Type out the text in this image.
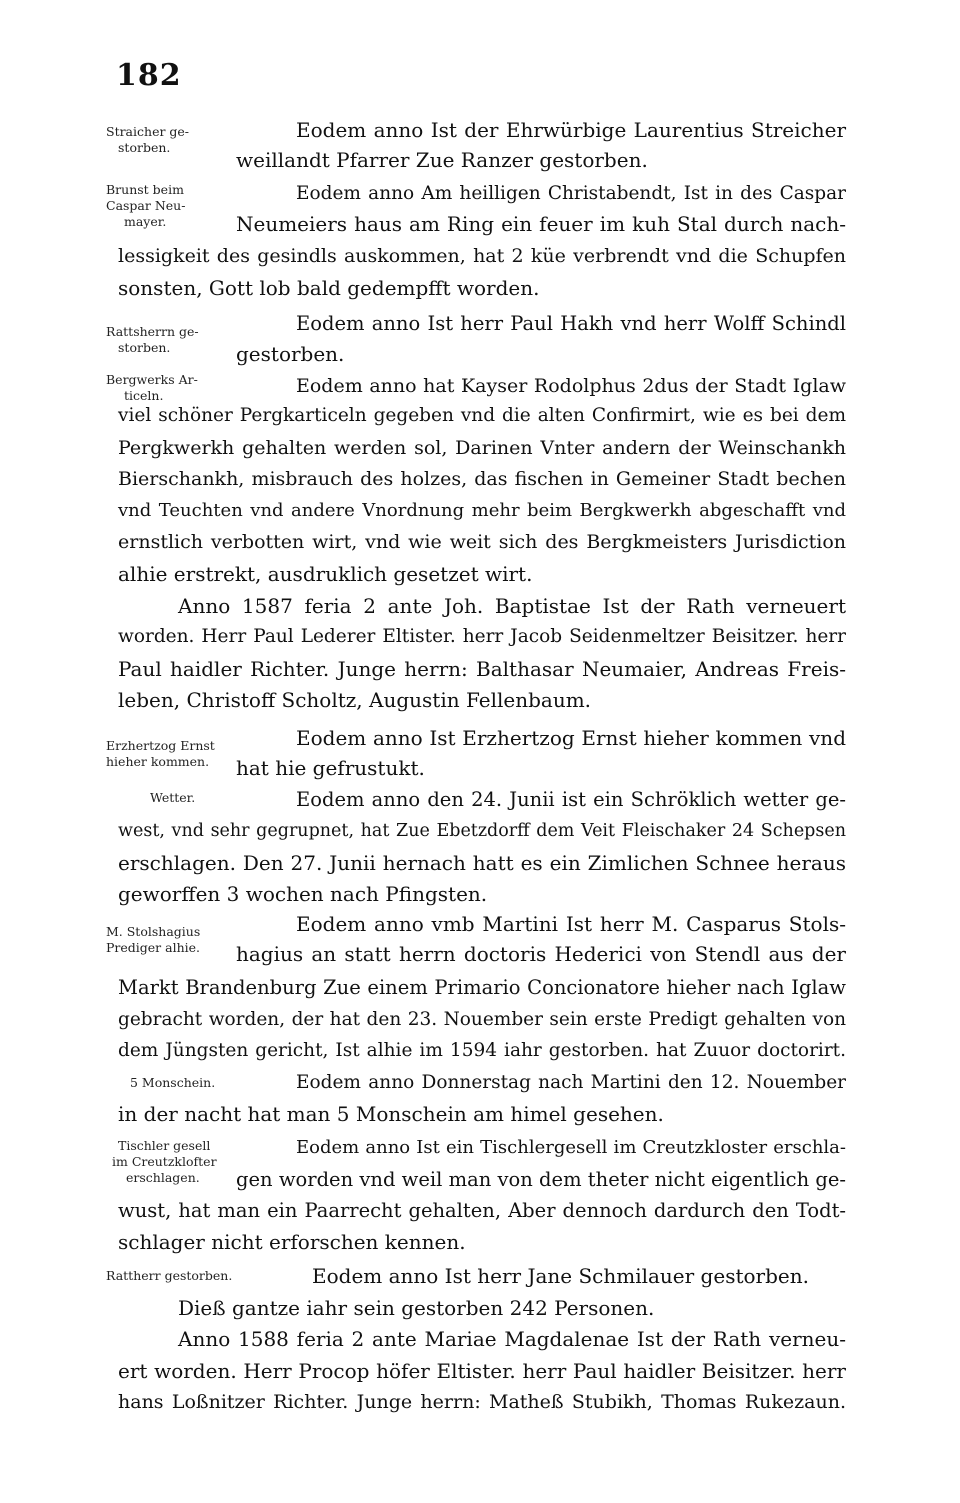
182
Straicher ge-
storben.
Brunst beim
Caspar Neu-
mayer.
Rattsherrn ge-
storben.
Bergwerks Ar-
ticeln.
Erzhertzog Ernst
hieher kommen.
Wetter.
M. Stolshagius
Prediger alhie.
5 Monschein.
Tischler gesell
im Creutzklofter
erschlagen.
Rattherr gestorben.
Eodem anno Ist der Ehrwürbige Laurentius Streicher
weillandt Pfarrer Zue Ranzer gestorben.
Eodem anno Am heilligen Christabendt, Ist in des Caspar
Neumeiers haus am Ring ein feuer im kuh Stal durch nach-
lessigkeit des gesindls auskommen, hat 2 küe verbrendt vnd die Schupfen
sonsten, Gott lob bald gedempfft worden.
Eodem anno Ist herr Paul Hakh vnd herr Wolff Schindl
gestorben.
Eodem anno hat Kayser Rodolphus 2dus der Stadt Iglaw
viel schöner Pergkarticeln gegeben vnd die alten Confirmirt, wie es bei dem
Pergkwerkh gehalten werden sol, Darinen Vnter andern der Weinschankh
Bierschankh, misbrauch des holzes, das fischen in Gemeiner Stadt bechen
vnd Teuchten vnd andere Vnordnung mehr beim Bergkwerkh abgeschafft vnd
ernstlich verbotten wirt, vnd wie weit sich des Bergkmeisters Jurisdiction
alhie erstrekt, ausdruklich gesetzet wirt.
Anno 1587 feria 2 ante Joh. Baptistae Ist der Rath verneuert
worden. Herr Paul Lederer Eltister. herr Jacob Seidenmeltzer Beisitzer. herr
Paul haidler Richter. Junge herrn: Balthasar Neumaier, Andreas Freis-
leben, Christoff Scholtz, Augustin Fellenbaum.
Eodem anno Ist Erzhertzog Ernst hieher kommen vnd
hat hie gefrustukt.
Eodem anno den 24. Junii ist ein Schröklich wetter ge-
west, vnd sehr gegrupnet, hat Zue Ebetzdorff dem Veit Fleischaker 24 Schepsen
erschlagen. Den 27. Junii hernach hatt es ein Zimlichen Schnee heraus
geworffen 3 wochen nach Pfingsten.
Eodem anno vmb Martini Ist herr M. Casparus Stols-
hagius an statt herrn doctoris Hederici von Stendl aus der
Markt Brandenburg Zue einem Primario Concionatore hieher nach Iglaw
gebracht worden, der hat den 23. Nouember sein erste Predigt gehalten von
dem Jüngsten gericht, Ist alhie im 1594 iahr gestorben. hat Zuuor doctorirt.
Eodem anno Donnerstag nach Martini den 12. Nouember
in der nacht hat man 5 Monschein am himel gesehen.
Eodem anno Ist ein Tischlergesell im Creutzkloster erschla-
gen worden vnd weil man von dem theter nicht eigentlich ge-
wust, hat man ein Paarrecht gehalten, Aber dennoch dardurch den Todt-
schlager nicht erforschen kennen.
Eodem anno Ist herr Jane Schmilauer gestorben.
Dieß gantze iahr sein gestorben 242 Personen.
Anno 1588 feria 2 ante Mariae Magdalenae Ist der Rath verneu-
ert worden. Herr Procop höfer Eltister. herr Paul haidler Beisitzer. herr
hans Loßnitzer Richter. Junge herrn: Matheß Stubikh, Thomas Rukezaun.
